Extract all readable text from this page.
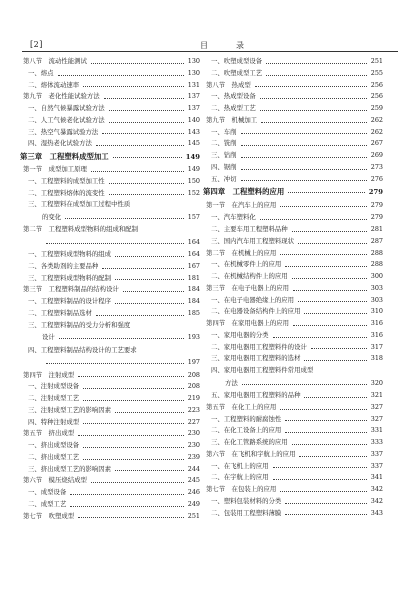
[2]	目　录
第八节　流动性能测试	130
一、熔点	130
二、熔体流动速率	131
第九节　老化性能试验方法	137
一、自然气候暴露试验方法	137
二、人工气候老化试验方法	140
三、热空气暴露试验方法	143
四、湿热老化试验方法	145
第三章　工程塑料成型加工	149
第一节　成型加工原理	149
一、工程塑料的成型加工性	150
二、工程塑料熔体的流变性	152
三、工程塑料在成型加工过程中性质
的变化	157
第二节　工程塑料成型物料的组成和配制
164
一、工程塑料成型物料的组成	164
二、各类助剂的主要品种	167
三、工程塑料成型物料的配制	181
第三节　工程塑料制品的结构设计	184
一、工程塑料制品的设计程序	184
二、工程塑料制品选材	185
三、工程塑料制品的受力分析和强度
设计	193
四、工程塑料制品结构设计的工艺要求
197
第四节　注射成型	208
一、注射成型设备	208
二、注射成型工艺	219
三、注射成型工艺的影响因素	223
四、特种注射成型	227
第五节　挤出成型	230
一、挤出成型设备	230
二、挤出成型工艺	239
三、挤出成型工艺的影响因素	244
第六节　模压烧结成型	245
一、成型设备	246
二、成型工艺	249
第七节　吹塑成型	251
一、吹塑成型设备	251
二、吹塑成型工艺	255
第八节　热成型	256
一、热成型设备	256
二、热成型工艺	259
第九节　机械加工	262
一、车削	262
二、铣削	267
三、钻削	269
四、锯削	273
五、冲切	276
第四章　工程塑料的应用	279
第一节　在汽车上的应用	279
一、汽车塑料化	279
二、主要车用工程塑料品种	281
三、国内汽车用工程塑料现状	287
第二节　在机械上的应用	288
一、在机械零件上的应用	288
二、在机械结构件上的应用	300
第三节　在电子电器上的应用	303
一、在电子电器绝缘上的应用	303
二、在电器设备结构件上的应用	310
第四节　在家用电器上的应用	316
一、家用电器的分类	316
二、家用电器用工程塑料件的设计	317
三、家用电器用工程塑料的选材	318
四、家用电器用工程塑料件常用成型
方法	320
五、家用电器用工程塑料的品种	321
第五节　在化工上的应用	327
一、工程塑料的耐腐蚀性	327
二、在化工设备上的应用	331
三、在化工管路系统的应用	333
第六节　在飞机和宇航上的应用	337
一、在飞机上的应用	337
二、在宇航上的应用	341
第七节　在包装上的应用	342
一、塑料包装材料的分类	342
二、包装用工程塑料薄膜	343
